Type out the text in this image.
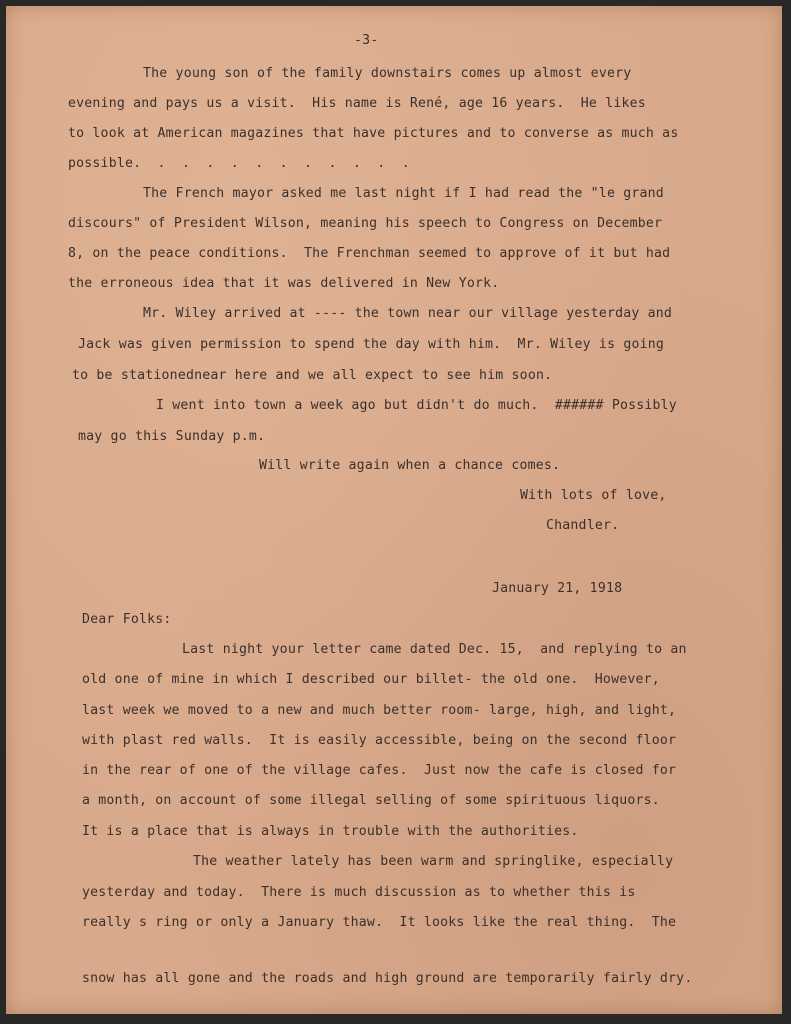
-3-
The young son of the family downstairs comes up almost every
evening and pays us a visit.  His name is René, age 16 years.  He likes
to look at American magazines that have pictures and to converse as much as
possible.  .  .  .  .  .  .  .  .  .  .  .
The French mayor asked me last night if I had read the "le grand
discours" of President Wilson, meaning his speech to Congress on December
8, on the peace conditions.  The Frenchman seemed to approve of it but had
the erroneous idea that it was delivered in New York.
Mr. Wiley arrived at ---- the town near our village yesterday and
Jack was given permission to spend the day with him.  Mr. Wiley is going
to be stationednear here and we all expect to see him soon.
I went into town a week ago but didn't do much.  ###### Possibly
may go this Sunday p.m.
Will write again when a chance comes.
With lots of love,
Chandler.
January 21, 1918
Dear Folks:
Last night your letter came dated Dec. 15,  and replying to an
old one of mine in which I described our billet- the old one.  However,
last week we moved to a new and much better room- large, high, and light,
with plast red walls.  It is easily accessible, being on the second floor
in the rear of one of the village cafes.  Just now the cafe is closed for
a month, on account of some illegal selling of some spirituous liquors.
It is a place that is always in trouble with the authorities.
The weather lately has been warm and springlike, especially
yesterday and today.  There is much discussion as to whether this is
really s ring or only a January thaw.  It looks like the real thing.  The
snow has all gone and the roads and high ground are temporarily fairly dry.
